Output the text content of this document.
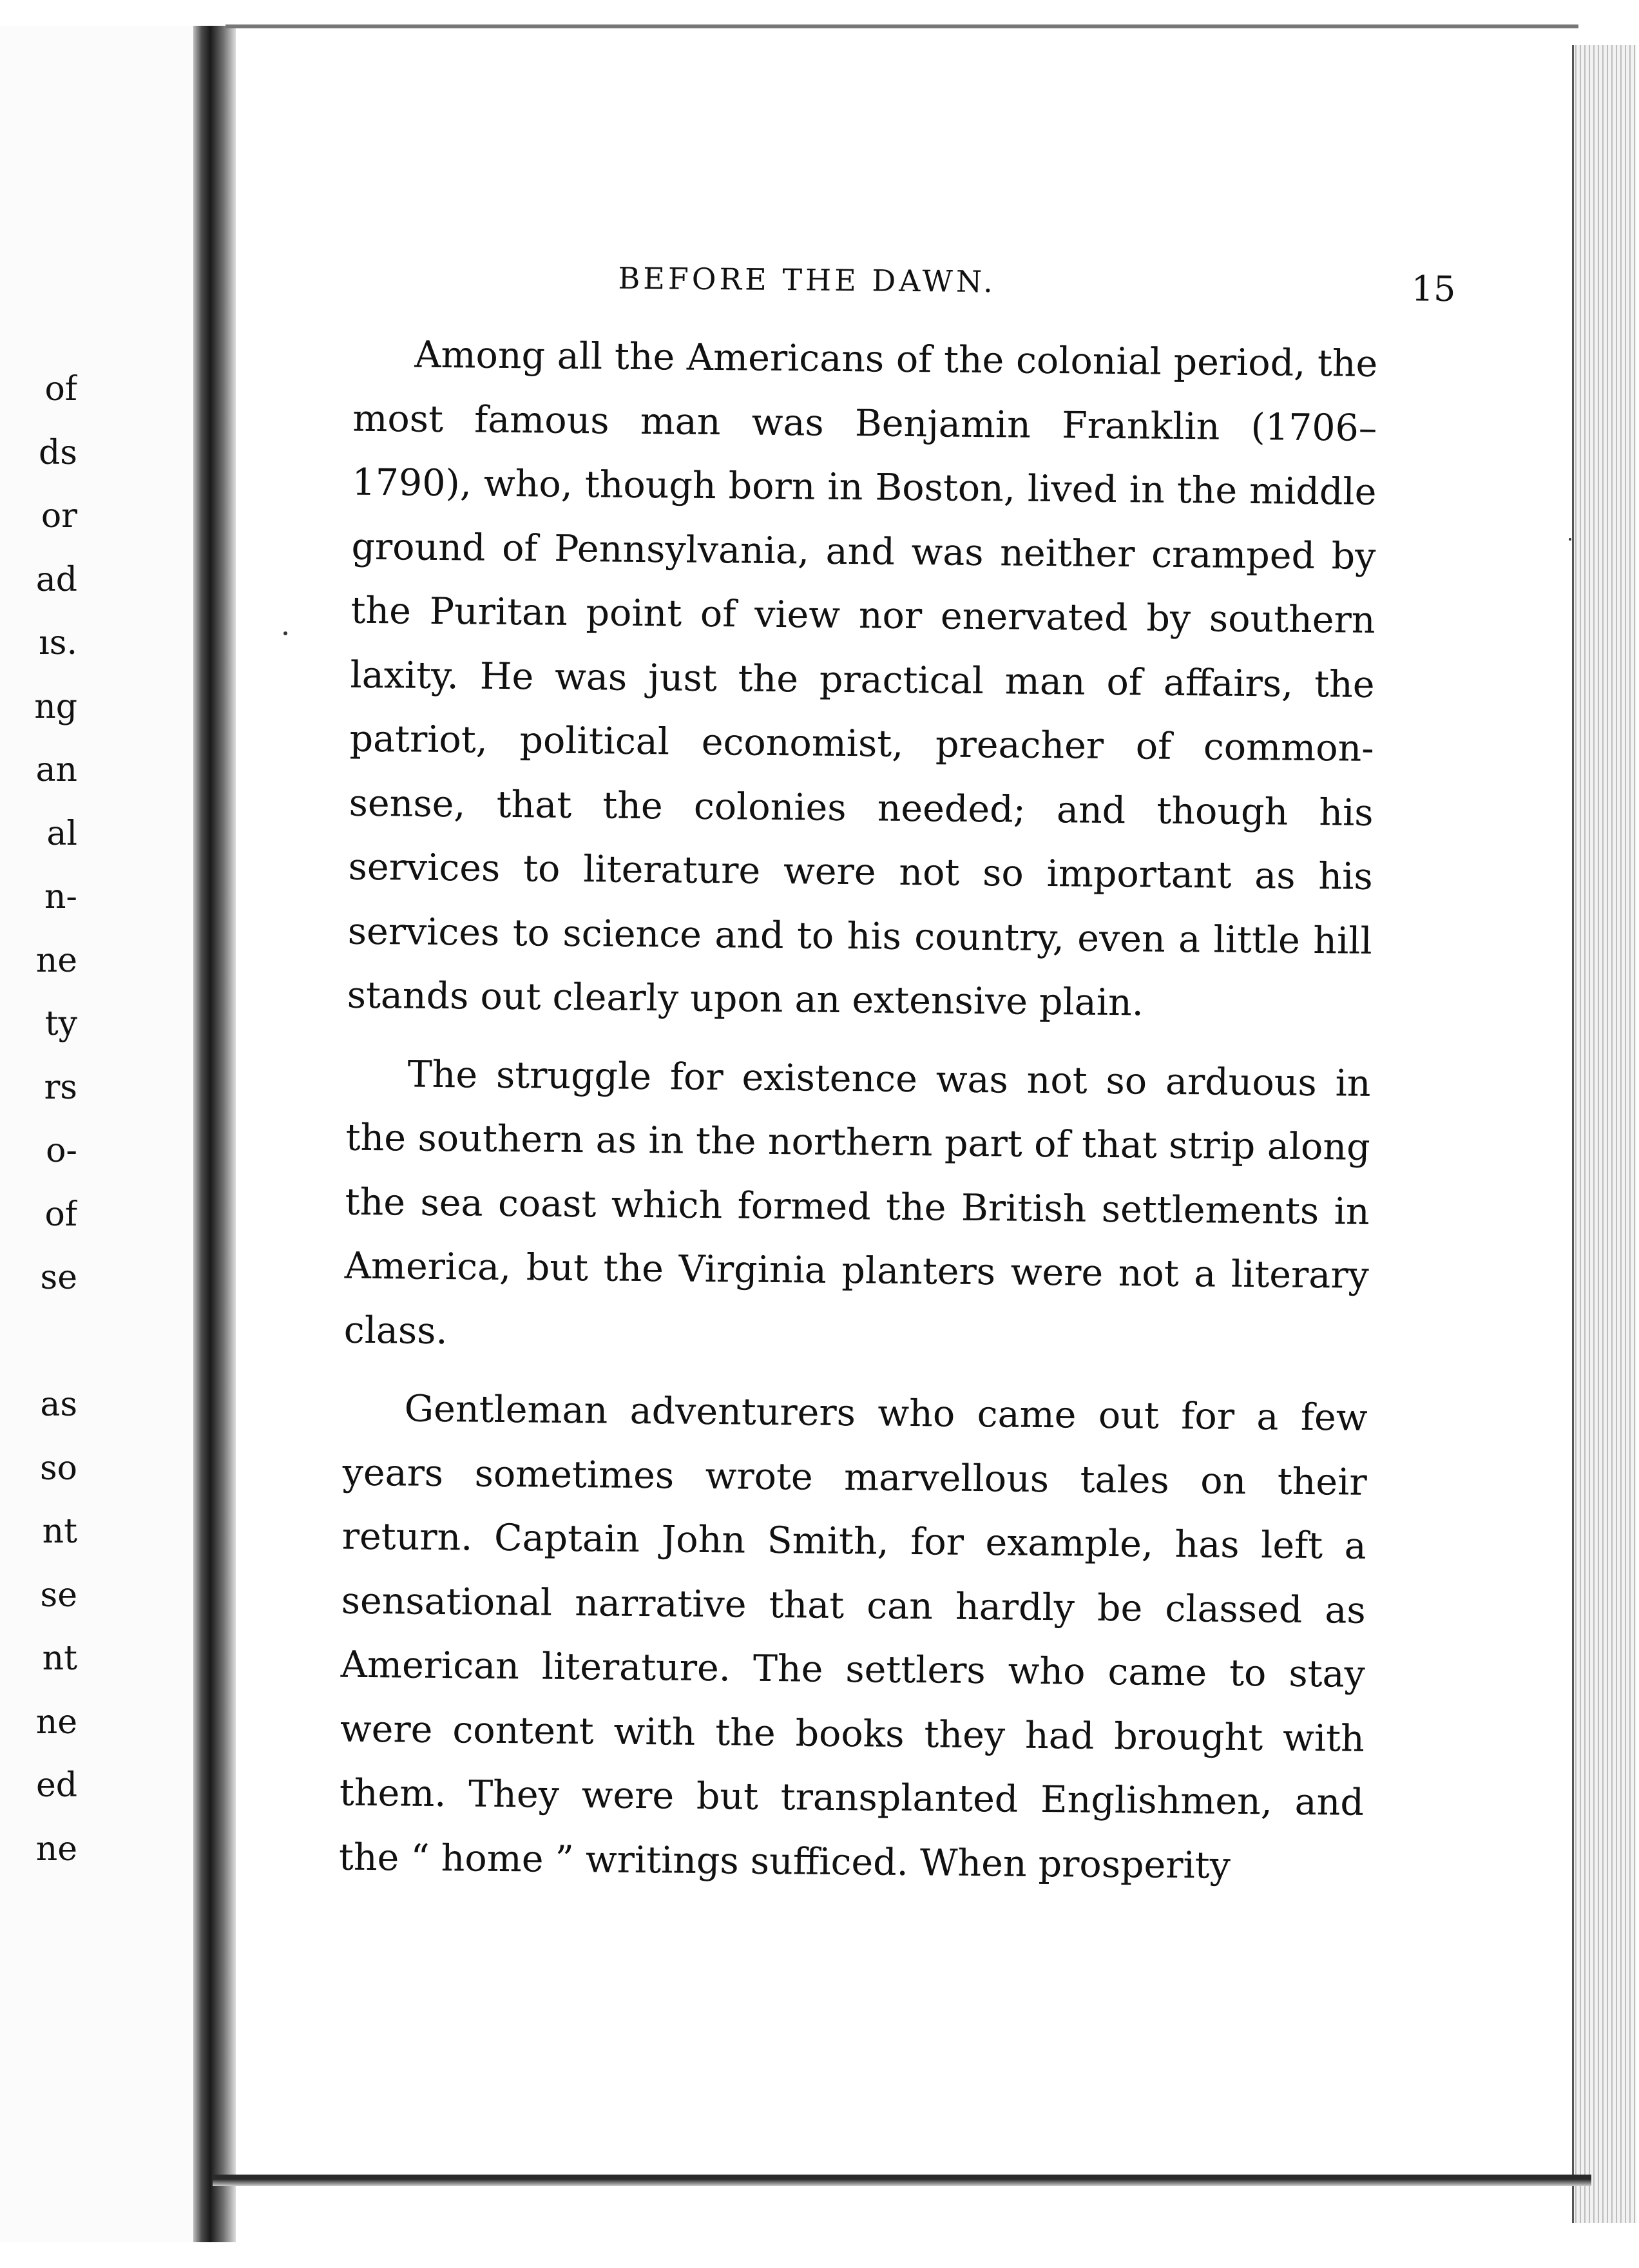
of
ds
or
ad
ıs.
ng
an
al
n-
ne
ty
rs
o-
of
se
as
so
nt
se
nt
ne
ed
ne
BEFORE THE DAWN.	15

Among all the Americans of the colonial period, the most famous man was Benjamin Franklin (1706–1790), who, though born in Boston, lived in the middle ground of Pennsylvania, and was neither cramped by the Puritan point of view nor enervated by southern laxity. He was just the practical man of affairs, the patriot, political economist, preacher of common-sense, that the colonies needed; and though his services to literature were not so important as his services to science and to his country, even a little hill stands out clearly upon an extensive plain.

The struggle for existence was not so arduous in the southern as in the northern part of that strip along the sea coast which formed the British settlements in America, but the Virginia planters were not a literary class.

Gentleman adventurers who came out for a few years sometimes wrote marvellous tales on their return. Captain John Smith, for example, has left a sensational narrative that can hardly be classed as American literature. The settlers who came to stay were content with the books they had brought with them. They were but transplanted Englishmen, and the “ home ” writings sufficed. When prosperity
